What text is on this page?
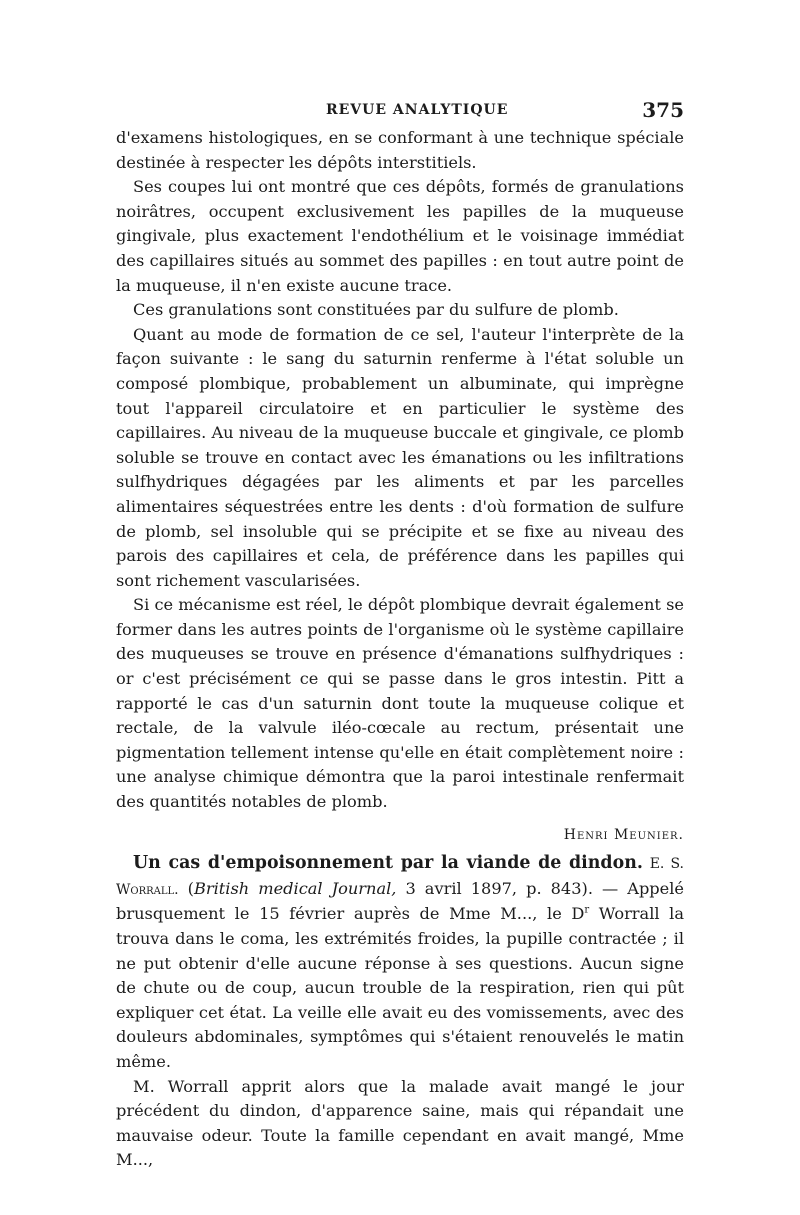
REVUE ANALYTIQUE	375

d'examens histologiques, en se conformant à une technique spéciale destinée à respecter les dépôts interstitiels.

Ses coupes lui ont montré que ces dépôts, formés de granulations noirâtres, occupent exclusivement les papilles de la muqueuse gingivale, plus exactement l'endothélium et le voisinage immédiat des capillaires situés au sommet des papilles : en tout autre point de la muqueuse, il n'en existe aucune trace.

Ces granulations sont constituées par du sulfure de plomb.

Quant au mode de formation de ce sel, l'auteur l'interprète de la façon suivante : le sang du saturnin renferme à l'état soluble un composé plombique, probablement un albuminate, qui imprègne tout l'appareil circulatoire et en particulier le système des capillaires. Au niveau de la muqueuse buccale et gingivale, ce plomb soluble se trouve en contact avec les émanations ou les infiltrations sulfhydriques dégagées par les aliments et par les parcelles alimentaires séquestrées entre les dents : d'où formation de sulfure de plomb, sel insoluble qui se précipite et se fixe au niveau des parois des capillaires et cela, de préférence dans les papilles qui sont richement vascularisées.

Si ce mécanisme est réel, le dépôt plombique devrait également se former dans les autres points de l'organisme où le système capillaire des muqueuses se trouve en présence d'émanations sulfhydriques : or c'est précisément ce qui se passe dans le gros intestin. Pitt a rapporté le cas d'un saturnin dont toute la muqueuse colique et rectale, de la valvule iléo-cœcale au rectum, présentait une pigmentation tellement intense qu'elle en était complètement noire : une analyse chimique démontra que la paroi intestinale renfermait des quantités notables de plomb.

Henri Meunier.

Un cas d'empoisonnement par la viande de dindon. E. S. Worrall. (British medical Journal, 3 avril 1897, p. 843). — Appelé brusquement le 15 février auprès de Mme M..., le $D^r$ Worrall la trouva dans le coma, les extrémités froides, la pupille contractée ; il ne put obtenir d'elle aucune réponse à ses questions. Aucun signe de chute ou de coup, aucun trouble de la respiration, rien qui pût expliquer cet état. La veille elle avait eu des vomissements, avec des douleurs abdominales, symptômes qui s'étaient renouvelés le matin même.

M. Worrall apprit alors que la malade avait mangé le jour précédent du dindon, d'apparence saine, mais qui répandait une mauvaise odeur. Toute la famille cependant en avait mangé, Mme M...,
